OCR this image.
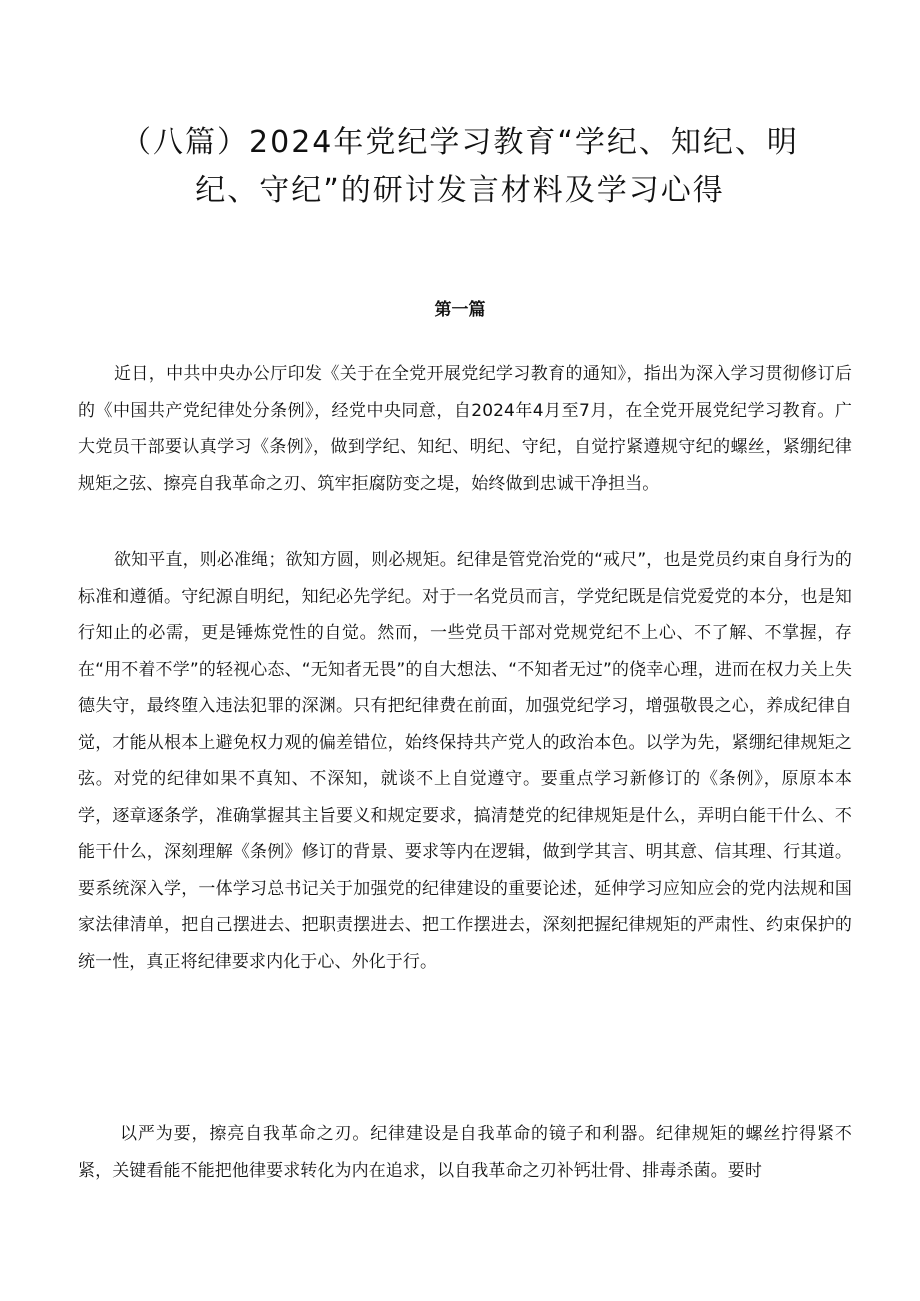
（八篇）2024年党纪学习教育“学纪、知纪、明
纪、守纪”的研讨发言材料及学习心得
第一篇

近日，中共中央办公厅印发《关于在全党开展党纪学习教育的通知》，指出为深入学习贯彻修订后的《中国共产党纪律处分条例》，经党中央同意，自2024年4月至7月，在全党开展党纪学习教育。广大党员干部要认真学习《条例》，做到学纪、知纪、明纪、守纪，自觉拧紧遵规守纪的螺丝，紧绷纪律规矩之弦、擦亮自我革命之刃、筑牢拒腐防变之堤，始终做到忠诚干净担当。

欲知平直，则必准绳；欲知方圆，则必规矩。纪律是管党治党的“戒尺”，也是党员约束自身行为的标准和遵循。守纪源自明纪，知纪必先学纪。对于一名党员而言，学党纪既是信党爱党的本分，也是知行知止的必需，更是锤炼党性的自觉。然而，一些党员干部对党规党纪不上心、不了解、不掌握，存在“用不着不学”的轻视心态、“无知者无畏”的自大想法、“不知者无过”的侥幸心理，进而在权力关上失德失守，最终堕入违法犯罪的深渊。只有把纪律费在前面，加强党纪学习，增强敬畏之心，养成纪律自觉，才能从根本上避免权力观的偏差错位，始终保持共产党人的政治本色。以学为先，紧绷纪律规矩之弦。对党的纪律如果不真知、不深知，就谈不上自觉遵守。要重点学习新修订的《条例》，原原本本学，逐章逐条学，准确掌握其主旨要义和规定要求，搞清楚党的纪律规矩是什么，弄明白能干什么、不能干什么，深刻理解《条例》修订的背景、要求等内在逻辑，做到学其言、明其意、信其理、行其道。要系统深入学，一体学习总书记关于加强党的纪律建设的重要论述，延伸学习应知应会的党内法规和国家法律清单，把自己摆进去、把职责摆进去、把工作摆进去，深刻把握纪律规矩的严肃性、约束保护的统一性，真正将纪律要求内化于心、外化于行。

以严为要，擦亮自我革命之刃。纪律建设是自我革命的镜子和利器。纪律规矩的螺丝拧得紧不紧，关键看能不能把他律要求转化为内在追求，以自我革命之刃补钙壮骨、排毒杀菌。要时
